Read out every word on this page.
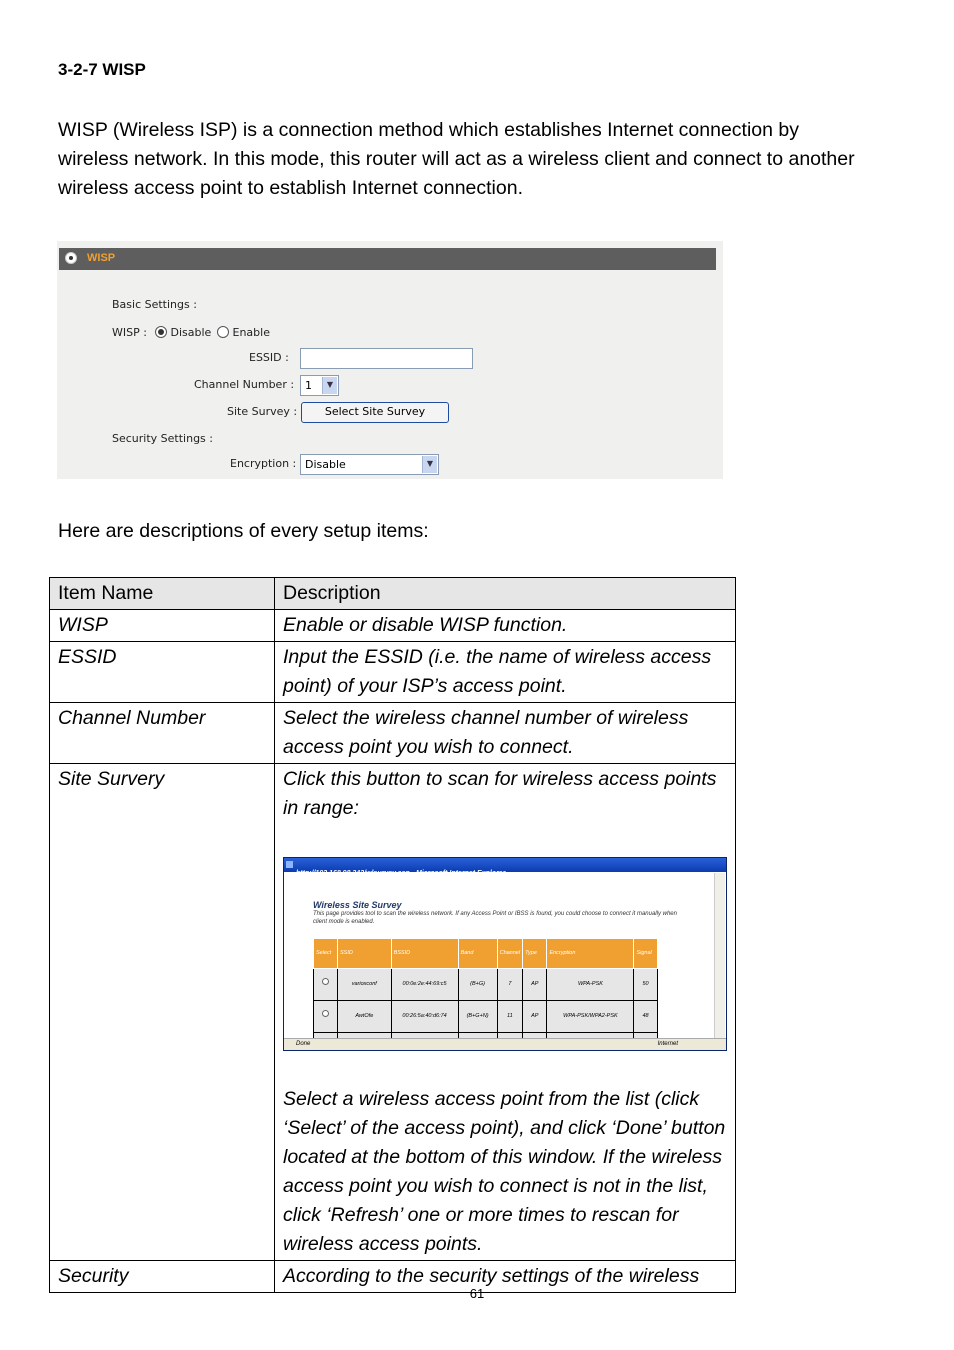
3-2-7 WISP
WISP (Wireless ISP) is a connection method which establishes Internet connection by wireless network. In this mode, this router will act as a wireless client and connect to another wireless access point to establish Internet connection.
WISP
Basic Settings :
WISP :	Disable	Enable
ESSID :
Channel Number : 1	▼
Site Survey :	Select Site Survey
Security Settings :
Encryption : Disable	▼
Here are descriptions of every setup items:
Item Name	Description
WISP	Enable or disable WISP function.
ESSID	Input the ESSID (i.e. the name of wireless access point) of your ISP’s access point.
Channel Number	Select the wireless channel number of wireless access point you wish to connect.
Site Survery	Click this button to scan for wireless access points in range:
Wireless Site Survey
This page provides tool to scan the wireless network. If any Access Point or IBSS is found, you could choose to connect it manually when client mode is enabled.
Select	SSID	BSSID	Band	Channel	Type	Encryption	Signal
	varioxconf	00:0e:2e:44:69:c5	(B+G)	7	AP	WPA-PSK	50
	AwtOfe	00:26:5a:40:d6:74	(B+G+N)	11	AP	WPA-PSK/WPA2-PSK	48

Done	Internet
Select a wireless access point from the list (click ‘Select’ of the access point), and click ‘Done’ button located at the bottom of this window. If the wireless access point you wish to connect is not in the list, click ‘Refresh’ one or more times to rescan for wireless access points.

Security	According to the security settings of the wireless
61
